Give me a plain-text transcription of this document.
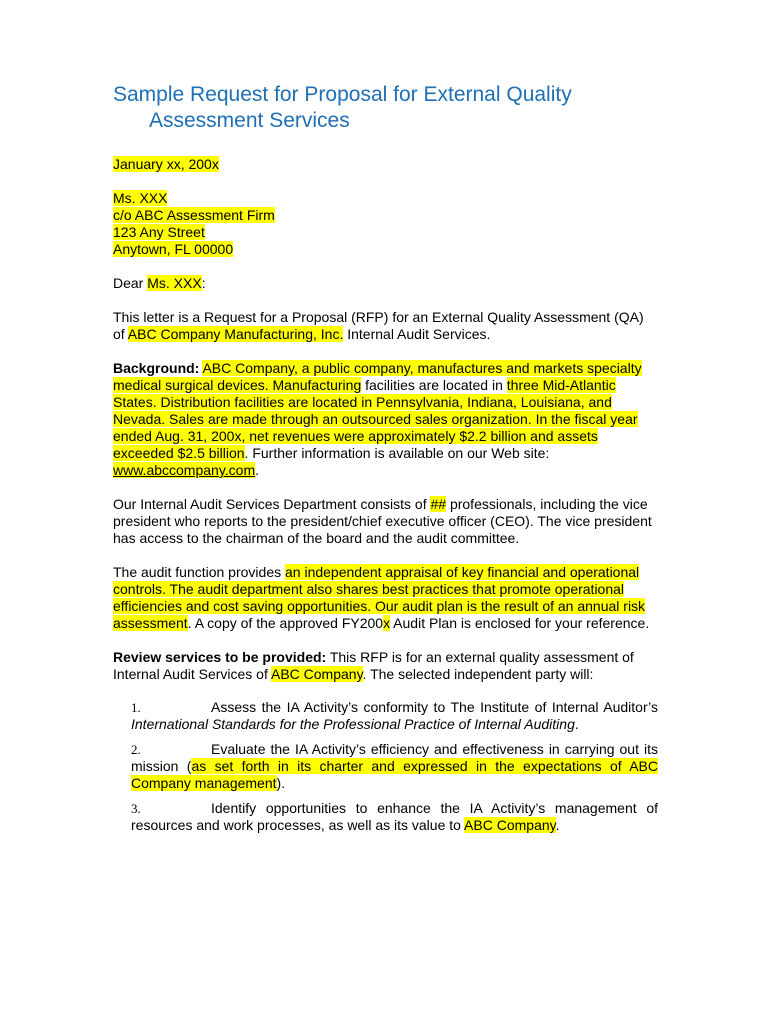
Sample Request for Proposal for External Quality
Assessment Services

January xx, 200x

Ms. XXX
c/o ABC Assessment Firm
123 Any Street
Anytown, FL 00000

Dear Ms. XXX:

This letter is a Request for a Proposal (RFP) for an External Quality Assessment (QA) of ABC Company Manufacturing, Inc. Internal Audit Services.

Background: ABC Company, a public company, manufactures and markets specialty medical surgical devices. Manufacturing facilities are located in three Mid-Atlantic States. Distribution facilities are located in Pennsylvania, Indiana, Louisiana, and Nevada. Sales are made through an outsourced sales organization. In the fiscal year ended Aug. 31, 200x, net revenues were approximately $2.2 billion and assets exceeded $2.5 billion. Further information is available on our Web site: www.abccompany.com.

Our Internal Audit Services Department consists of ## professionals, including the vice president who reports to the president/chief executive officer (CEO). The vice president has access to the chairman of the board and the audit committee.

The audit function provides an independent appraisal of key financial and operational controls. The audit department also shares best practices that promote operational efficiencies and cost saving opportunities. Our audit plan is the result of an annual risk assessment. A copy of the approved FY200x Audit Plan is enclosed for your reference.

Review services to be provided: This RFP is for an external quality assessment of Internal Audit Services of ABC Company. The selected independent party will:

1.	Assess the IA Activity’s conformity to The Institute of Internal Auditor’s International Standards for the Professional Practice of Internal Auditing.

2.	Evaluate the IA Activity’s efficiency and effectiveness in carrying out its mission (as set forth in its charter and expressed in the expectations of ABC Company management).

3.	Identify opportunities to enhance the IA Activity’s management of resources and work processes, as well as its value to ABC Company.
